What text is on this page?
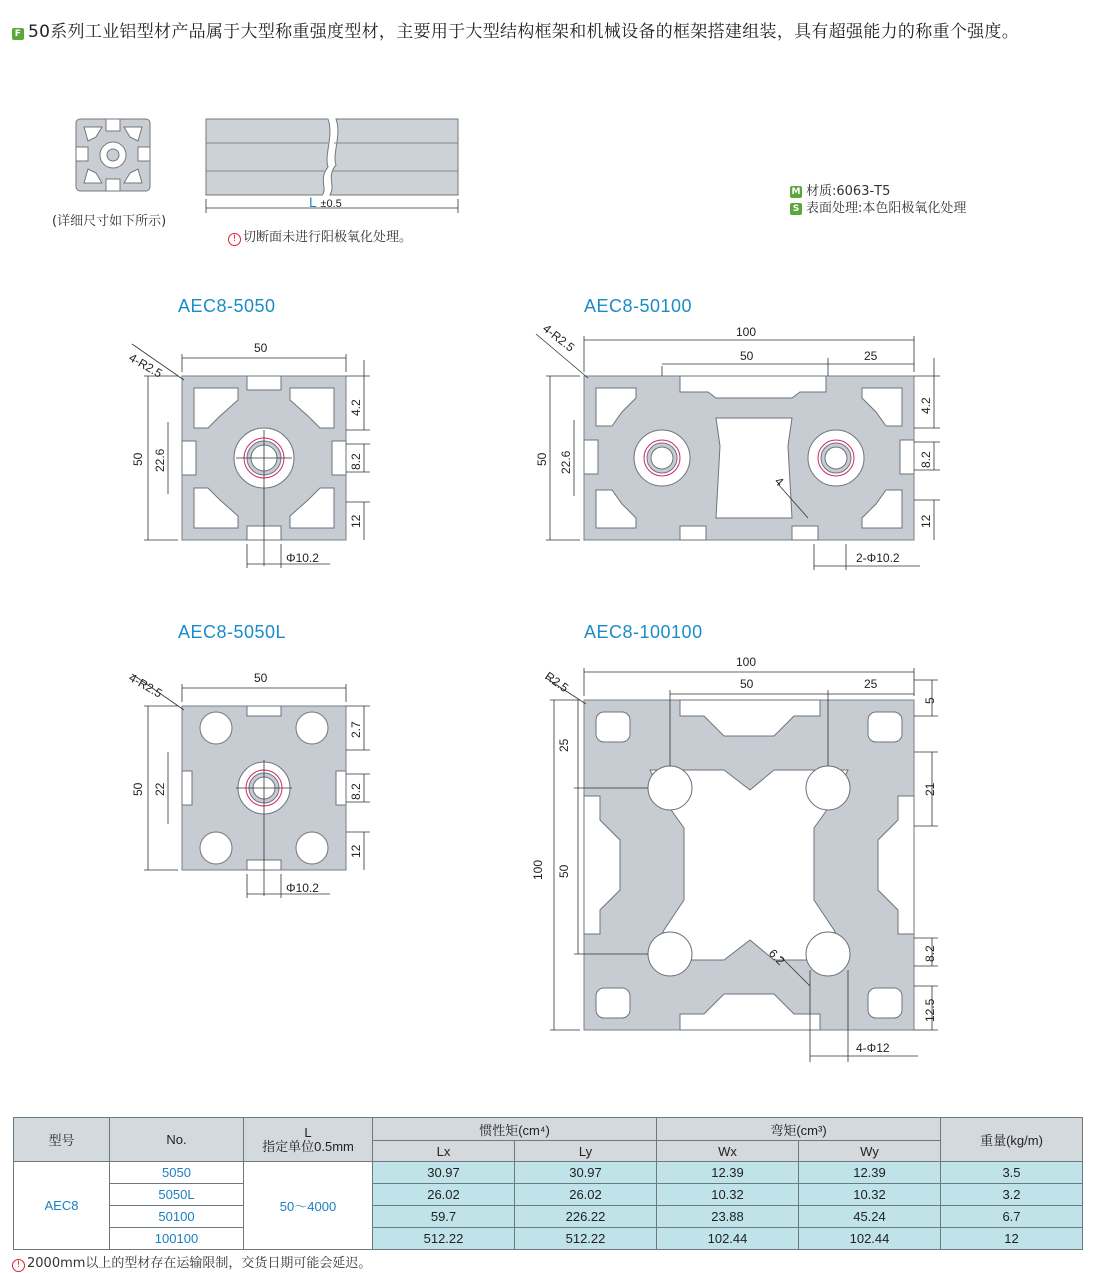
F 50系列工业铝型材产品属于大型称重强度型材，主要用于大型结构框架和机械设备的框架搭建组装，具有超强能力的称重个强度。
(详细尺寸如下所示)
L ±0.5
! 切断面未进行阳极氧化处理。
M 材质:6063-T5
S 表面处理:本色阳极氧化处理
AEC8-5050
50
4-R2.5
50 22.6
4.2
8.2
12
Φ10.2
AEC8-50100
100
50	25
4-R2.5
50 22.6
4.2
8.2
12
4
2-Φ10.2
AEC8-5050L
50
4-R2.5
50 22
2.7
8.2
12
Φ10.2
AEC8-100100
100
50	25
R2.5
100
25
50
5
21
8.2
12.5
6.2
4-Φ12
型号	No.	L
指定单位0.5mm	惯性矩(cm⁴)		弯矩(cm³)		重量(kg/m)
			Lx	Ly	Wx	Wy	
AEC8	5050	50～4000	30.97	30.97	12.39	12.39	3.5
	5050L		26.02	26.02	10.32	10.32	3.2
	50100		59.7	226.22	23.88	45.24	6.7
	100100		512.22	512.22	102.44	102.44	12
! 2000mm以上的型材存在运输限制，交货日期可能会延迟。
